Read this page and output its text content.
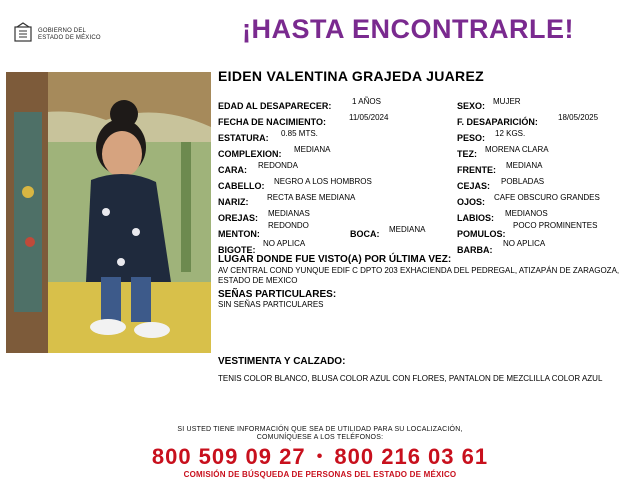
GOBIERNO DEL
ESTADO DE MÉXICO	¡HASTA ENCONTRARLE!
EIDEN VALENTINA GRAJEDA JUAREZ
EDAD AL DESAPARECER:	1 AÑOS
FECHA DE NACIMIENTO:	11/05/2024
ESTATURA: 0.85 MTS.
COMPLEXION: MEDIANA
CARA: REDONDA
CABELLO: NEGRO A LOS HOMBROS
NARIZ: RECTA BASE MEDIANA
OREJAS: MEDIANAS
MENTON:
REDONDO
BIGOTE:
NO APLICA
BOCA: MEDIANA
SEXO: MUJER
F. DESAPARICIÓN:	18/05/2025
PESO: 12 KGS.
TEZ: MORENA CLARA
FRENTE: MEDIANA
CEJAS: POBLADAS
OJOS: CAFE OBSCURO GRANDES
LABIOS: MEDIANOS
POMULOS:
POCO PROMINENTES
BARBA:
NO APLICA
LUGAR DONDE FUE VISTO(A) POR ÚLTIMA VEZ:
AV CENTRAL COND YUNQUE EDIF C DPTO 203 EXHACIENDA DEL PEDREGAL, ATIZAPÁN DE ZARAGOZA, ESTADO DE MEXICO
SEÑAS PARTICULARES:
SIN SEÑAS PARTICULARES
VESTIMENTA Y CALZADO:
TENIS COLOR BLANCO, BLUSA COLOR AZUL CON FLORES, PANTALON DE MEZCLILLA COLOR AZUL
SI USTED TIENE INFORMACIÓN QUE SEA DE UTILIDAD PARA SU LOCALIZACIÓN,
COMUNÍQUESE A LOS TELÉFONOS:
800 509 09 27 • 800 216 03 61
COMISIÓN DE BÚSQUEDA DE PERSONAS DEL ESTADO DE MÉXICO
